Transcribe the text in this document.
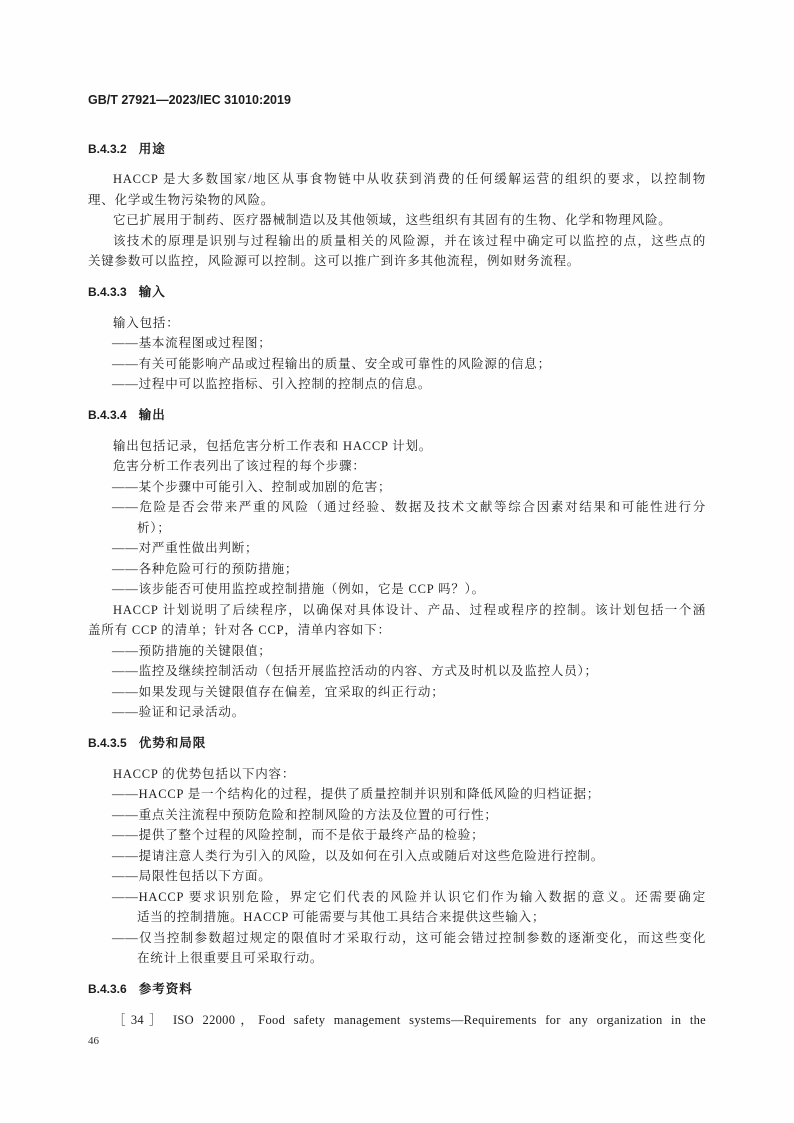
GB/T 27921—2023/IEC 31010:2019
B.4.3.2 用途
HACCP 是大多数国家/地区从事食物链中从收获到消费的任何缓解运营的组织的要求，以控制物
理、化学或生物污染物的风险。
它已扩展用于制药、医疗器械制造以及其他领域，这些组织有其固有的生物、化学和物理风险。
该技术的原理是识别与过程输出的质量相关的风险源，并在该过程中确定可以监控的点，这些点的
关键参数可以监控，风险源可以控制。这可以推广到许多其他流程，例如财务流程。
B.4.3.3 输入
输入包括：
——基本流程图或过程图；
——有关可能影响产品或过程输出的质量、安全或可靠性的风险源的信息；
——过程中可以监控指标、引入控制的控制点的信息。
B.4.3.4 输出
输出包括记录，包括危害分析工作表和 HACCP 计划。
危害分析工作表列出了该过程的每个步骤：
——某个步骤中可能引入、控制或加剧的危害；
——危险是否会带来严重的风险（通过经验、数据及技术文献等综合因素对结果和可能性进行分
析）；
——对严重性做出判断；
——各种危险可行的预防措施；
——该步能否可使用监控或控制措施（例如，它是 CCP 吗？）。
HACCP 计划说明了后续程序，以确保对具体设计、产品、过程或程序的控制。该计划包括一个涵
盖所有 CCP 的清单；针对各 CCP，清单内容如下：
——预防措施的关键限值；
——监控及继续控制活动（包括开展监控活动的内容、方式及时机以及监控人员）；
——如果发现与关键限值存在偏差，宜采取的纠正行动；
——验证和记录活动。
B.4.3.5 优势和局限
HACCP 的优势包括以下内容：
——HACCP 是一个结构化的过程，提供了质量控制并识别和降低风险的归档证据；
——重点关注流程中预防危险和控制风险的方法及位置的可行性；
——提供了整个过程的风险控制，而不是依于最终产品的检验；
——提请注意人类行为引入的风险，以及如何在引入点或随后对这些危险进行控制。
——局限性包括以下方面。
——HACCP 要求识别危险，界定它们代表的风险并认识它们作为输入数据的意义。还需要确定
适当的控制措施。HACCP 可能需要与其他工具结合来提供这些输入；
——仅当控制参数超过规定的限值时才采取行动，这可能会错过控制参数的逐渐变化，而这些变化
在统计上很重要且可采取行动。
B.4.3.6 参考资料
［34］ ISO 22000，Food safety management systems—Requirements for any organization in the
46
